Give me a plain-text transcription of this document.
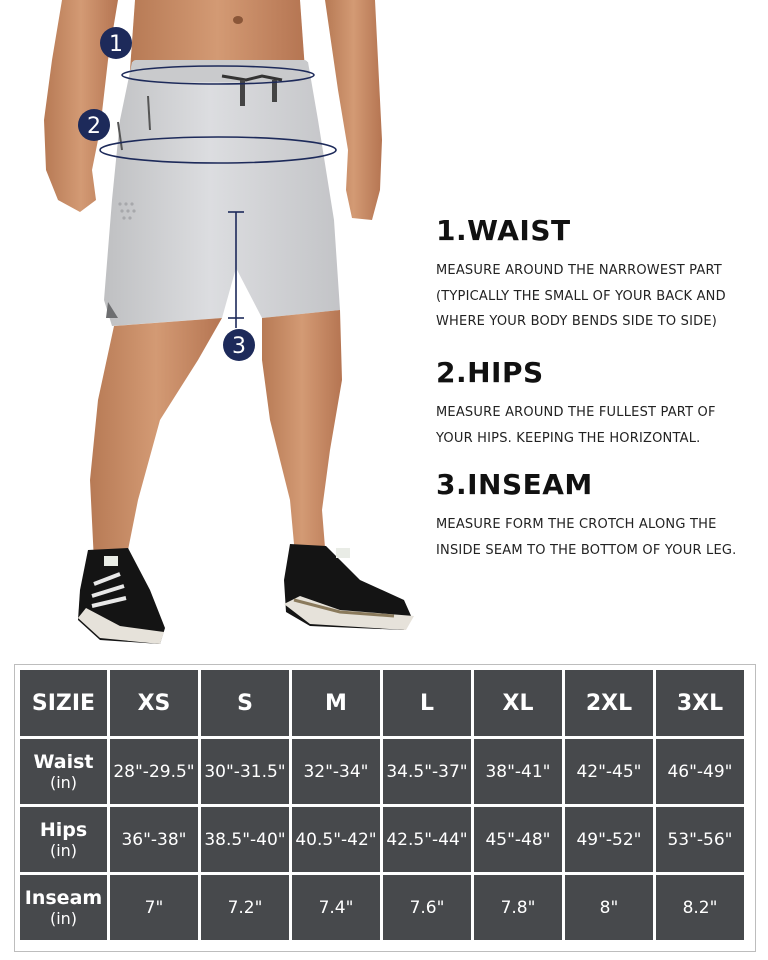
1
2
3
1.WAIST

MEASURE AROUND THE NARROWEST PART
(TYPICALLY THE SMALL OF YOUR BACK AND
WHERE YOUR BODY BENDS SIDE TO SIDE)

2.HIPS

MEASURE AROUND THE FULLEST PART OF
YOUR HIPS. KEEPING THE HORIZONTAL.

3.INSEAM

MEASURE FORM THE CROTCH ALONG THE
INSIDE SEAM TO THE BOTTOM OF YOUR LEG.

SIZIE	XS	S	M	L	XL	2XL	3XL

Waist
(in)	28"-29.5"	30"-31.5"	32"-34"	34.5"-37"	38"-41"	42"-45"	46"-49"

Hips
(in)	36"-38"	38.5"-40"	40.5"-42"	42.5"-44"	45"-48"	49"-52"	53"-56"

Inseam
(in)	7"	7.2"	7.4"	7.6"	7.8"	8"	8.2"
